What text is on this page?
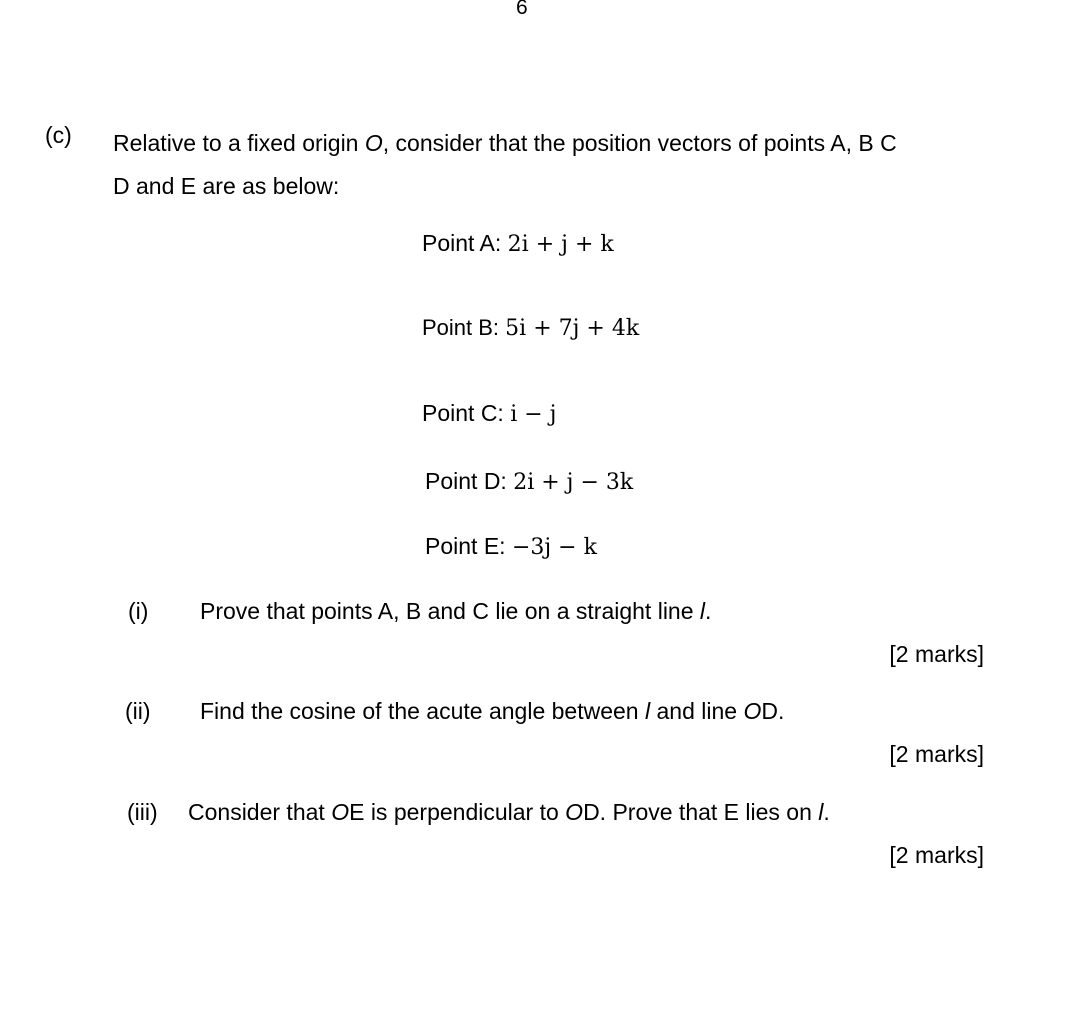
6
(c) Relative to a fixed origin O, consider that the position vectors of points A, B C
D and E are as below:
Point A: 2i + j + k
Point B: 5i + 7j + 4k
Point C: i − j
Point D: 2i + j − 3k
Point E: −3j − k
(i) Prove that points A, B and C lie on a straight line l.
[2 marks]
(ii) Find the cosine of the acute angle between l and line OD.
[2 marks]
(iii) Consider that OE is perpendicular to OD. Prove that E lies on l.
[2 marks]
